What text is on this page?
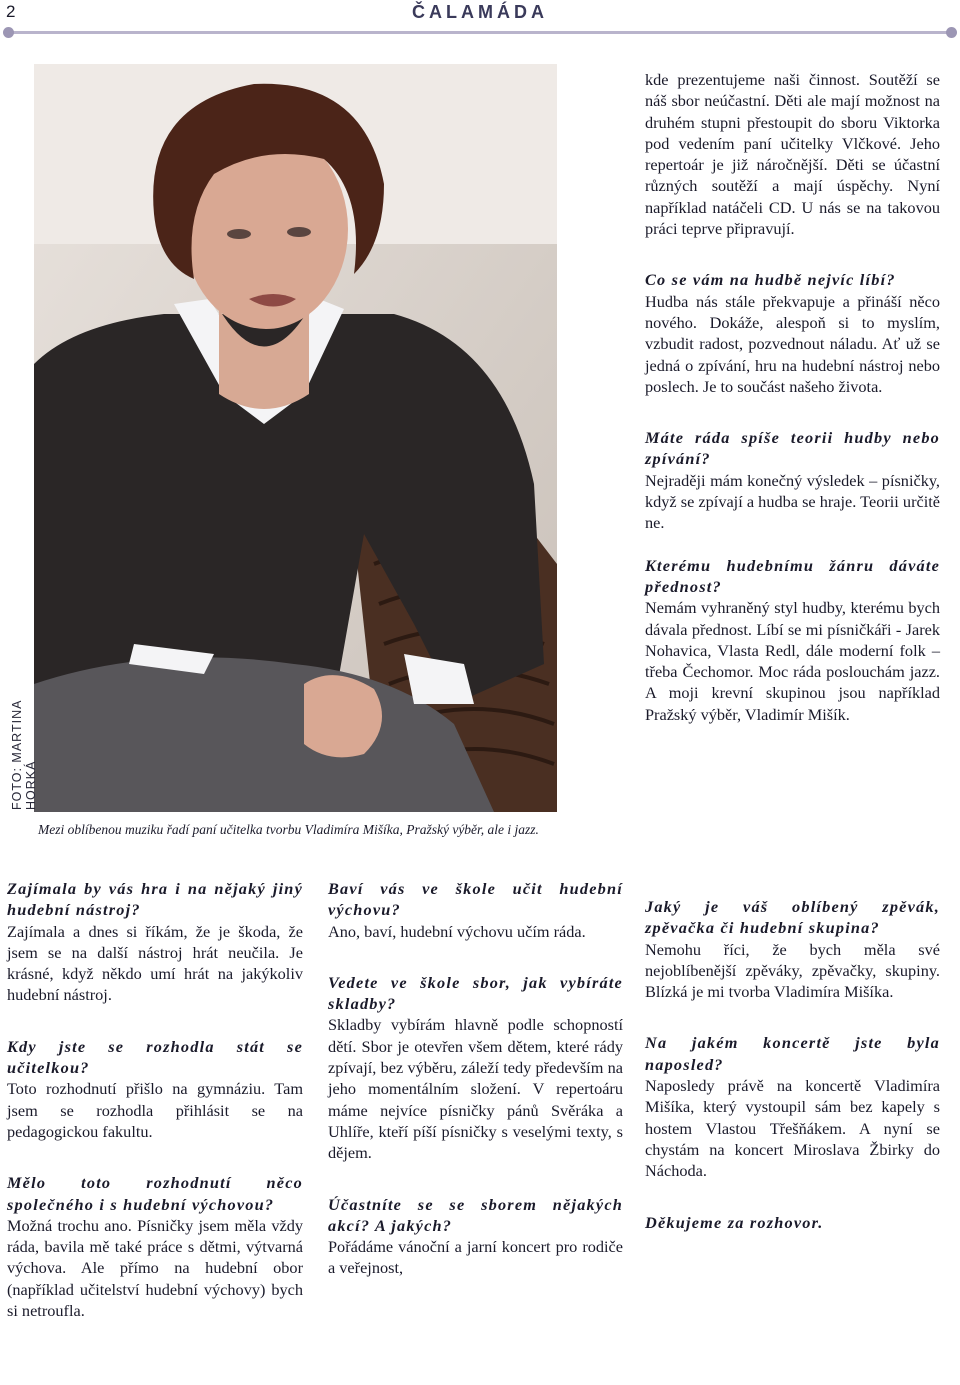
2	ČALAMÁDA
FOTO: MARTINA HORKÁ
Mezi oblíbenou muziku řadí paní učitelka tvorbu Vladimíra Mišíka, Pražský výběr, ale i jazz.

kde prezentujeme naši činnost. Soutěží se náš sbor neúčastní. Děti ale mají možnost na druhém stupni přestoupit do sboru Viktorka pod vedením paní učitelky Vlčkové. Jeho repertoár je již náročnější. Děti se účastní různých soutěží a mají úspěchy. Nyní například natáčeli CD. U nás se na takovou práci teprve připravují.

Co se vám na hudbě nejvíc líbí?

Hudba nás stále překvapuje a přináší něco nového. Dokáže, alespoň si to myslím, vzbudit radost, pozvednout náladu. Ať už se jedná o zpívání, hru na hudební nástroj nebo poslech. Je to součást našeho života.

Máte ráda spíše teorii hudby nebo zpívání?

Nejraději mám konečný výsledek – písničky, když se zpívají a hudba se hraje. Teorii určitě ne.

Kterému hudebnímu žánru dáváte přednost?

Nemám vyhraněný styl hudby, kterému bych dávala přednost. Líbí se mi písničkáři - Jarek Nohavica, Vlasta Redl, dále moderní folk – třeba Čechomor. Moc ráda poslouchám jazz. A moji krevní skupinou jsou například Pražský výběr, Vladimír Mišík.

Zajímala by vás hra i na nějaký jiný hudební nástroj?

Zajímala a dnes si říkám, že je škoda, že jsem se na další nástroj hrát neučila. Je krásné, když někdo umí hrát na jakýkoliv hudební nástroj.

Kdy jste se rozhodla stát se učitelkou?

Toto rozhodnutí přišlo na gymnáziu. Tam jsem se rozhodla přihlásit se na pedagogickou fakultu.

Mělo toto rozhodnutí něco společného i s hudební výchovou?

Možná trochu ano. Písničky jsem měla vždy ráda, bavila mě také práce s dětmi, výtvarná výchova. Ale přímo na hudební obor (například učitelství hudební výchovy) bych si netroufla.

Baví vás ve škole učit hudební výchovu?

Ano, baví, hudební výchovu učím ráda.

Vedete ve škole sbor, jak vybíráte skladby?

Skladby vybírám hlavně podle schopností dětí. Sbor je otevřen všem dětem, které rády zpívají, bez výběru, záleží tedy především na jeho momentálním složení. V repertoáru máme nejvíce písničky pánů Svěráka a Uhlíře, kteří píší písničky s veselými texty, s dějem.

Účastníte se se sborem nějakých akcí? A jakých?

Pořádáme vánoční a jarní koncert pro rodiče a veřejnost,

Jaký je váš oblíbený zpěvák, zpěvačka či hudební skupina?

Nemohu říci, že bych měla své nejoblíbenější zpěváky, zpěvačky, skupiny. Blízká je mi tvorba Vladimíra Mišíka.

Na jakém koncertě jste byla naposled?

Naposledy právě na koncertě Vladimíra Mišíka, který vystoupil sám bez kapely s hostem Vlastou Třešňákem. A nyní se chystám na koncert Miroslava Žbirky do Náchoda.

Děkujeme za rozhovor.
